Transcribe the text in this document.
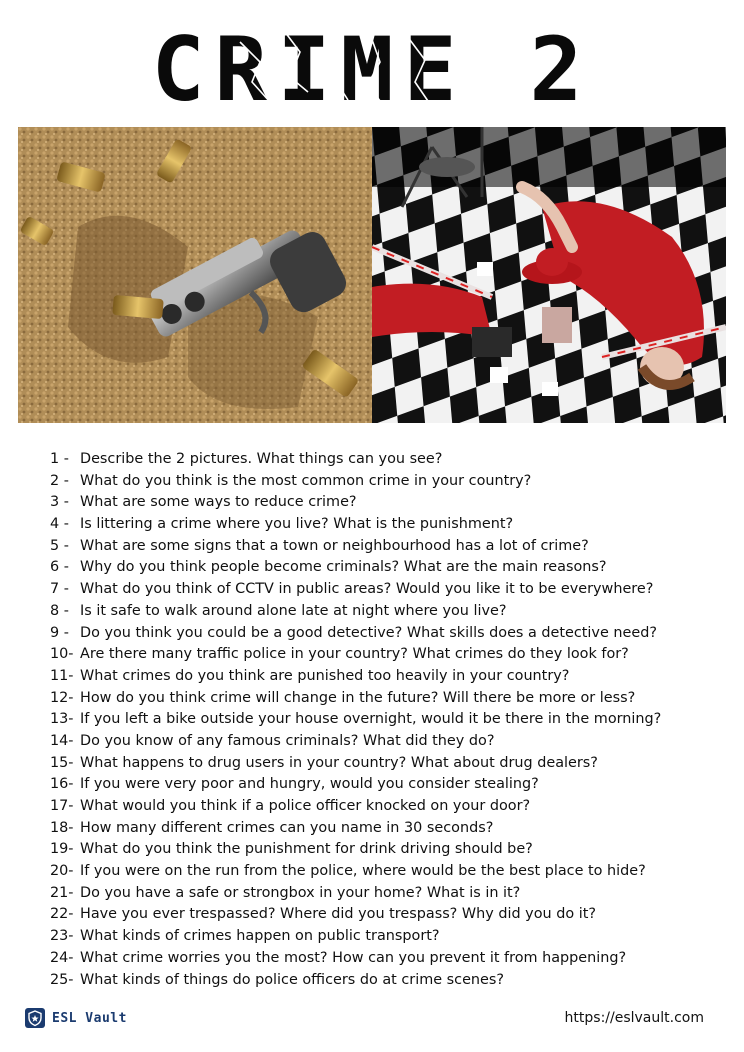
CRIME 2
1 - Describe the 2 pictures. What things can you see?
2 - What do you think is the most common crime in your country?
3 - What are some ways to reduce crime?
4 - Is littering a crime where you live? What is the punishment?
5 - What are some signs that a town or neighbourhood has a lot of crime?
6 - Why do you think people become criminals? What are the main reasons?
7 - What do you think of CCTV in public areas? Would you like it to be everywhere?
8 - Is it safe to walk around alone late at night where you live?
9 - Do you think you could be a good detective? What skills does a detective need?
10- Are there many traffic police in your country? What crimes do they look for?
11- What crimes do you think are punished too heavily in your country?
12- How do you think crime will change in the future? Will there be more or less?
13- If you left a bike outside your house overnight, would it be there in the morning?
14- Do you know of any famous criminals? What did they do?
15- What happens to drug users in your country? What about drug dealers?
16- If you were very poor and hungry, would you consider stealing?
17- What would you think if a police officer knocked on your door?
18- How many different crimes can you name in 30 seconds?
19- What do you think the punishment for drink driving should be?
20- If you were on the run from the police, where would be the best place to hide?
21- Do you have a safe or strongbox in your home? What is in it?
22- Have you ever trespassed? Where did you trespass? Why did you do it?
23- What kinds of crimes happen on public transport?
24- What crime worries you the most? How can you prevent it from happening?
25- What kinds of things do police officers do at crime scenes?
ESL Vault	https://eslvault.com
